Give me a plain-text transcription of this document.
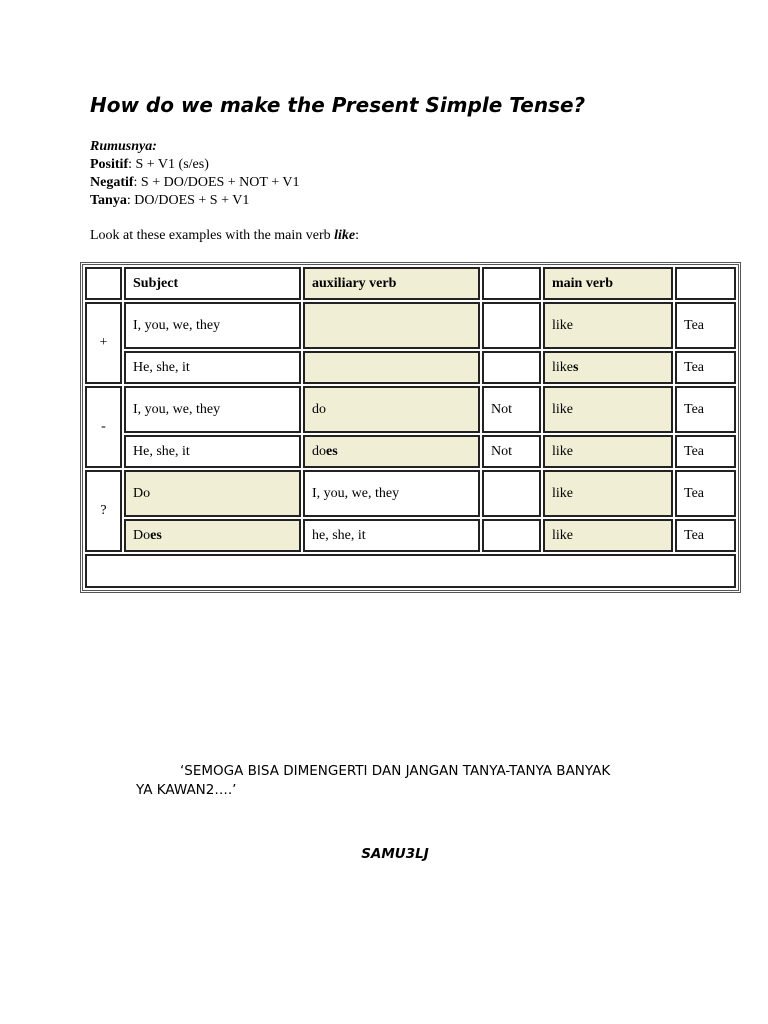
How do we make the Present Simple Tense?
Rumusnya:
Positif: S + V1 (s/es)
Negatif: S + DO/DOES + NOT + V1
Tanya: DO/DOES + S + V1
Look at these examples with the main verb like:
	Subject	auxiliary verb		main verb	
+	I, you, we, they			like	Tea
	He, she, it			likes	Tea
-	I, you, we, they	do	Not	like	Tea
	He, she, it	does	Not	like	Tea
?	Do	I, you, we, they		like	Tea
	Does	he, she, it		like	Tea

‘SEMOGA BISA DIMENGERTI DAN JANGAN TANYA-TANYA BANYAK
YA KAWAN2….’
SAMU3LJ
